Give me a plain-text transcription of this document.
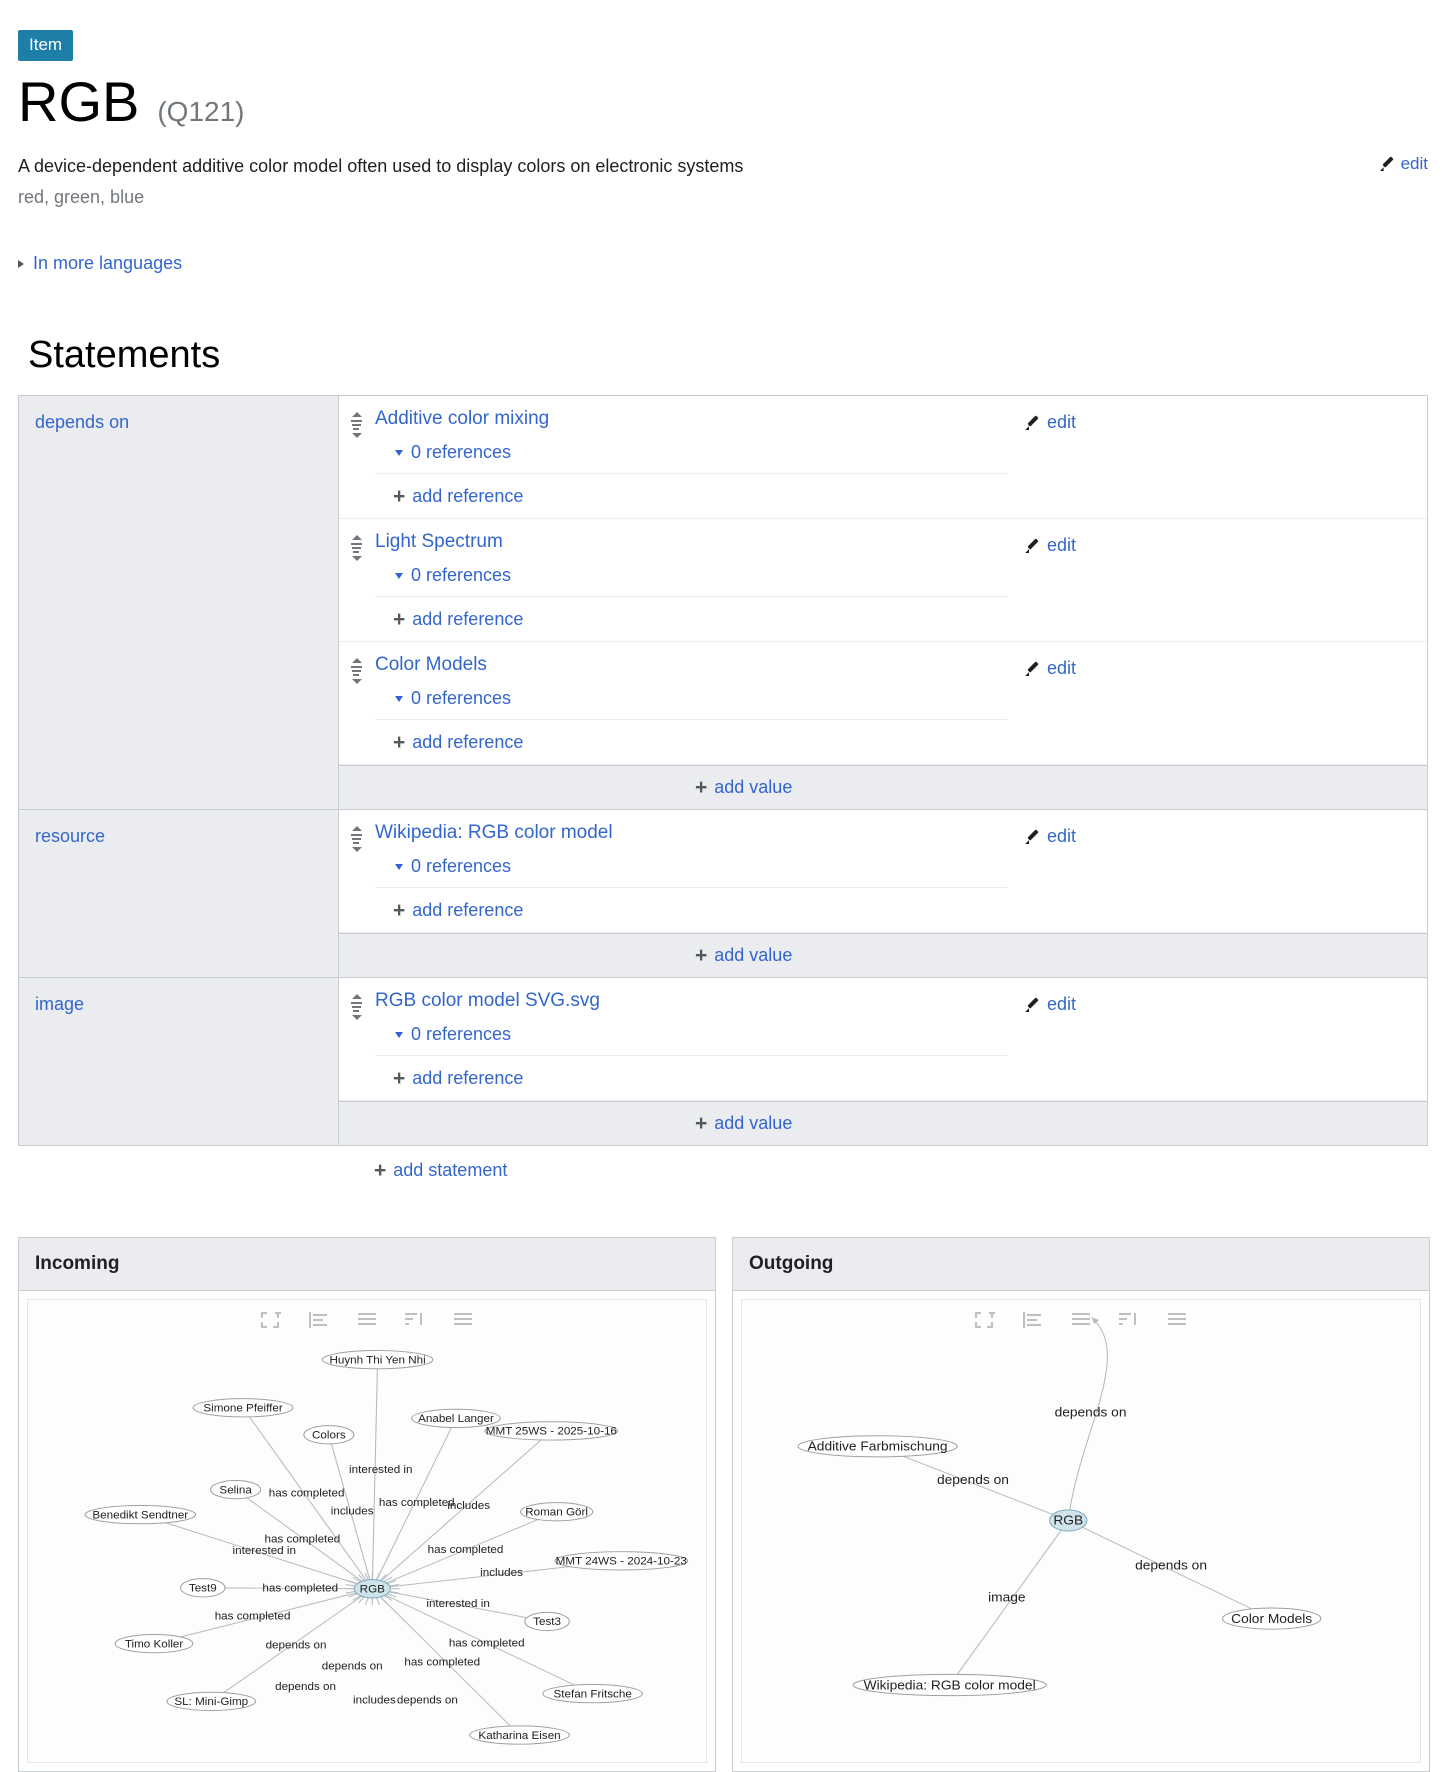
Item
RGB (Q121)
A device-dependent additive color model often used to display colors on electronic systems
red, green, blue
edit
In more languages
Statements
depends on	Additive color mixing
0 references
+ add reference
edit
Light Spectrum
0 references
+ add reference
edit
Color Models
0 references
+ add reference
edit
+ add value
resource	Wikipedia: RGB color model
0 references
+ add reference
edit
+ add value
image	RGB color model SVG.svg
0 references
+ add reference
edit
+ add value
+ add statement
Incoming
interested in
has completed
includes
has completed
includes
has completed
interested in	has completed
includes
has completed
interested in
has completed
has completed
depends on
has completed
depends on
depends on
includes depends on
Huynh Thi Yen Nhi
Simone Pfeiffer
Colors
Anabel Langer
MMT 25WS - 2025-10-16
Selina
Benedikt Sendtner	Roman Görl
MMT 24WS - 2024-10-23
Test9
Test3
Timo Koller
Stefan Fritsche
SL: Mini-Gimp
Katharina Eisen
RGB
Outgoing
depends on
depends on
depends on
image
Additive Farbmischung
RGB
Color Models
Wikipedia: RGB color model
